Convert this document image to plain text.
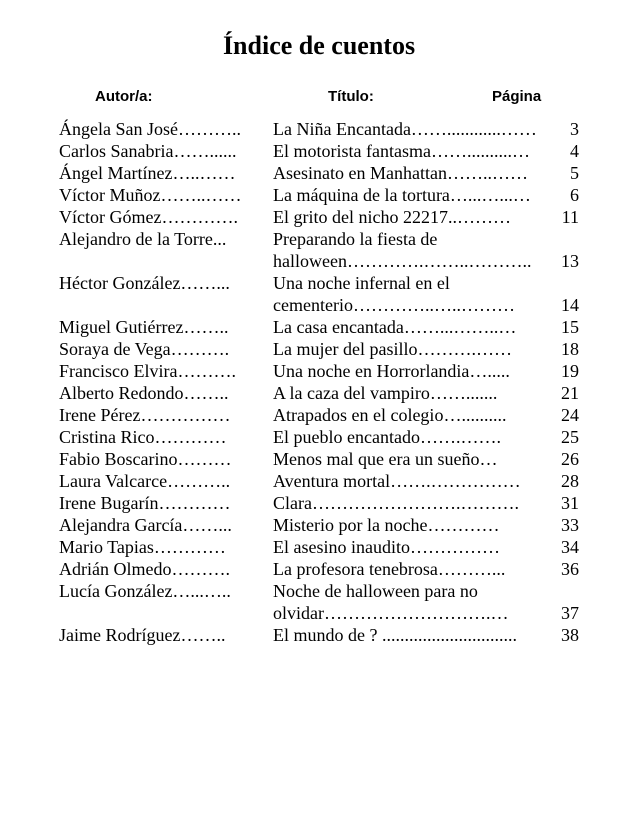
Índice de cuentos
Autor/a:	Título:	Página
Ángela San José………..	La Niña Encantada……............……	3
Carlos Sanabria……......	El motorista fantasma……..........…	4
Ángel Martínez…..……	Asesinato en Manhattan……..……	5
Víctor Muñoz……..……	La máquina de la tortura…...…...…	6
Víctor Gómez………….	El grito del nicho 22217..………	11
Alejandro de la Torre...	Preparando la fiesta de
halloween………….……..………..	13
Héctor González……...	Una noche infernal en el
cementerio…………..…..………	14
Miguel Gutiérrez……..	La casa encantada……...……..…	15
Soraya de Vega……….	La mujer del pasillo……….……	18
Francisco Elvira……….	Una noche en Horrorlandia….....	19
Alberto Redondo……..	A la caza del vampiro…….......	21
Irene Pérez……………	Atrapados en el colegio…..........	24
Cristina Rico…………	El pueblo encantado…….…….	25
Fabio Boscarino………	Menos mal que era un sueño…	26
Laura Valcarce………..	Aventura mortal…….……………	28
Irene Bugarín…………	Clara…………………….……….	31
Alejandra García……...	Misterio por la noche…………	33
Mario Tapias…………	El asesino inaudito……………	34
Adrián Olmedo……….	La profesora tenebrosa………...	36
Lucía González…...…..	Noche de halloween para no
olvidar……………………….…	37
Jaime Rodríguez……..	El mundo de ? ..............................	38
